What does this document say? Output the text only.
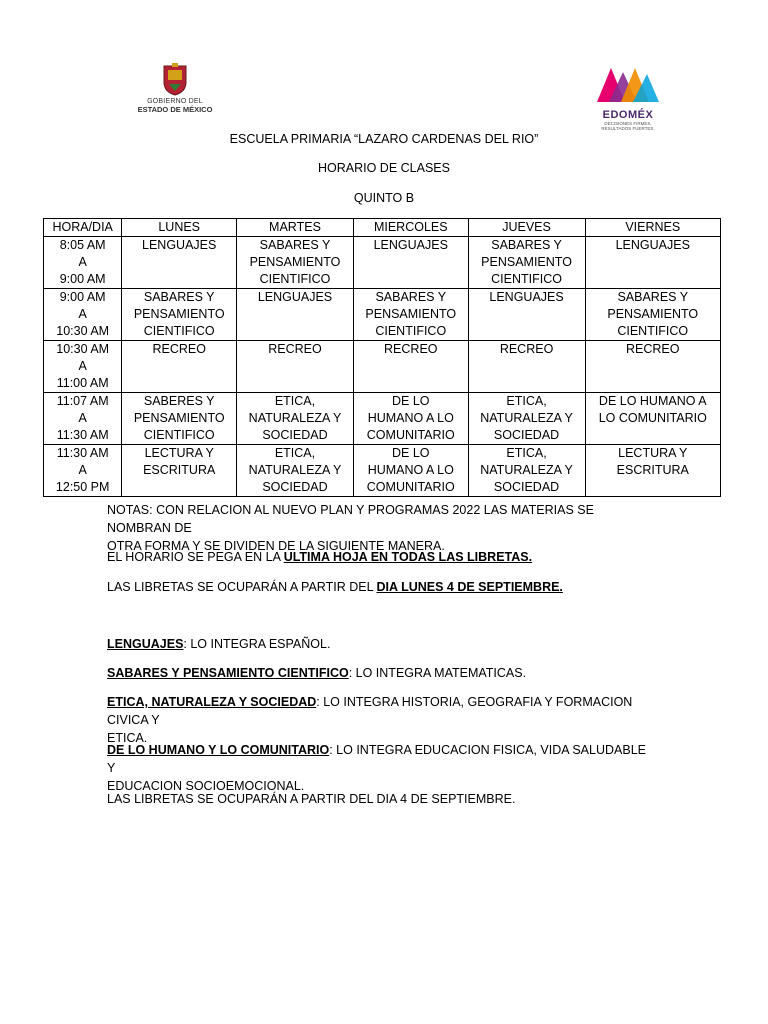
GOBIERNO DEL
ESTADO DE MÉXICO	EDOMÉX
DECISIONES FIRMES,
RESULTADOS FUERTES.
ESCUELA PRIMARIA “LAZARO CARDENAS DEL RIO”
HORARIO DE CLASES
QUINTO B
HORA/DIA	LUNES	MARTES	MIERCOLES	JUEVES	VIERNES

8:05 AM
A
9:00 AM	LENGUAJES	SABARES Y
PENSAMIENTO
CIENTIFICO	LENGUAJES	SABARES Y
PENSAMIENTO
CIENTIFICO	LENGUAJES

9:00 AM
A
10:30 AM	SABARES Y
PENSAMIENTO
CIENTIFICO	LENGUAJES	SABARES Y
PENSAMIENTO
CIENTIFICO	LENGUAJES	SABARES Y
PENSAMIENTO
CIENTIFICO

10:30 AM
A
11:00 AM	RECREO	RECREO	RECREO	RECREO	RECREO

11:07 AM
A
11:30 AM	SABERES Y
PENSAMIENTO
CIENTIFICO	ETICA,
NATURALEZA Y
SOCIEDAD	DE LO
HUMANO A LO
COMUNITARIO	ETICA,
NATURALEZA Y
SOCIEDAD	DE LO HUMANO A
LO COMUNITARIO

11:30 AM
A
12:50 PM	LECTURA Y
ESCRITURA	ETICA,
NATURALEZA Y
SOCIEDAD	DE LO
HUMANO A LO
COMUNITARIO	ETICA,
NATURALEZA Y
SOCIEDAD	LECTURA Y
ESCRITURA
NOTAS: CON RELACION AL NUEVO PLAN Y PROGRAMAS 2022 LAS MATERIAS SE NOMBRAN DE
OTRA FORMA Y SE DIVIDEN DE LA SIGUIENTE MANERA.
EL HORARIO SE PEGA EN LA ULTIMA HOJA EN TODAS LAS LIBRETAS.
LAS LIBRETAS SE OCUPARÁN A PARTIR DEL DIA LUNES 4 DE SEPTIEMBRE.
LENGUAJES: LO INTEGRA ESPAÑOL.
SABARES Y PENSAMIENTO CIENTIFICO: LO INTEGRA MATEMATICAS.
ETICA, NATURALEZA Y SOCIEDAD: LO INTEGRA HISTORIA, GEOGRAFIA Y FORMACION CIVICA Y
ETICA.
DE LO HUMANO Y LO COMUNITARIO: LO INTEGRA EDUCACION FISICA, VIDA SALUDABLE Y
EDUCACION SOCIOEMOCIONAL.
LAS LIBRETAS SE OCUPARÁN A PARTIR DEL DIA 4 DE SEPTIEMBRE.
